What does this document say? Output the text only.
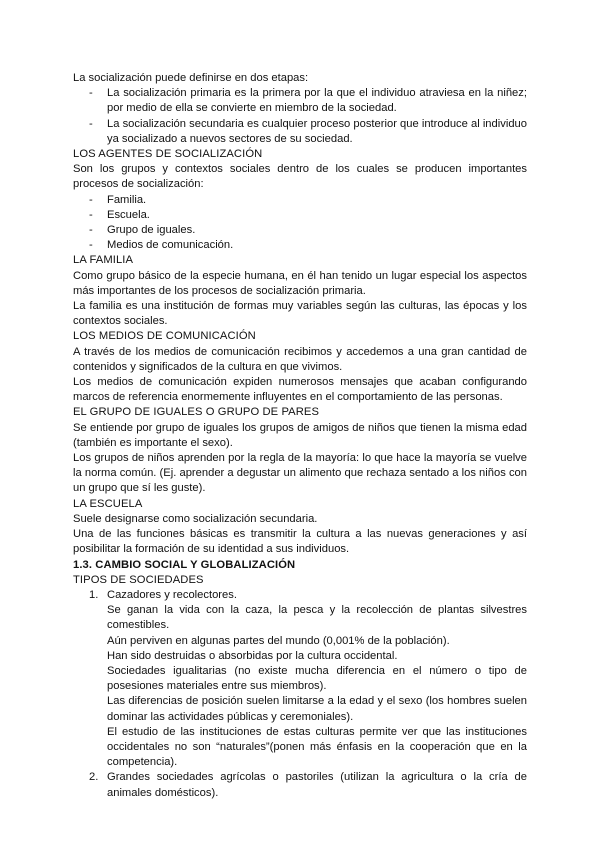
La socialización puede definirse en dos etapas:

- La socialización primaria es la primera por la que el individuo atraviesa en la niñez; por medio de ella se convierte en miembro de la sociedad.
- La socialización secundaria es cualquier proceso posterior que introduce al individuo ya socializado a nuevos sectores de su sociedad.

LOS AGENTES DE SOCIALIZACIÓN

Son los grupos y contextos sociales dentro de los cuales se producen importantes procesos de socialización:

- Familia.
- Escuela.
- Grupo de iguales.
- Medios de comunicación.

LA FAMILIA

Como grupo básico de la especie humana, en él han tenido un lugar especial los aspectos más importantes de los procesos de socialización primaria.

La familia es una institución de formas muy variables según las culturas, las épocas y los contextos sociales.

LOS MEDIOS DE COMUNICACIÓN

A través de los medios de comunicación recibimos y accedemos a una gran cantidad de contenidos y significados de la cultura en que vivimos.

Los medios de comunicación expiden numerosos mensajes que acaban configurando marcos de referencia enormemente influyentes en el comportamiento de las personas.

EL GRUPO DE IGUALES O GRUPO DE PARES

Se entiende por grupo de iguales los grupos de amigos de niños que tienen la misma edad (también es importante el sexo).

Los grupos de niños aprenden por la regla de la mayoría: lo que hace la mayoría se vuelve la norma común. (Ej. aprender a degustar un alimento que rechaza sentado a los niños con un grupo que sí les guste).

LA ESCUELA

Suele designarse como socialización secundaria.

Una de las funciones básicas es transmitir la cultura a las nuevas generaciones y así posibilitar la formación de su identidad a sus individuos.

1.3. CAMBIO SOCIAL Y GLOBALIZACIÓN

TIPOS DE SOCIEDADES

1. Cazadores y recolectores.

Se ganan la vida con la caza, la pesca y la recolección de plantas silvestres comestibles.

Aún perviven en algunas partes del mundo (0,001% de la población).

Han sido destruidas o absorbidas por la cultura occidental.

Sociedades igualitarias (no existe mucha diferencia en el número o tipo de posesiones materiales entre sus miembros).

Las diferencias de posición suelen limitarse a la edad y el sexo (los hombres suelen dominar las actividades públicas y ceremoniales).

El estudio de las instituciones de estas culturas permite ver que las instituciones occidentales no son “naturales”(ponen más énfasis en la cooperación que en la competencia).

2. Grandes sociedades agrícolas o pastoriles (utilizan la agricultura o la cría de animales domésticos).
